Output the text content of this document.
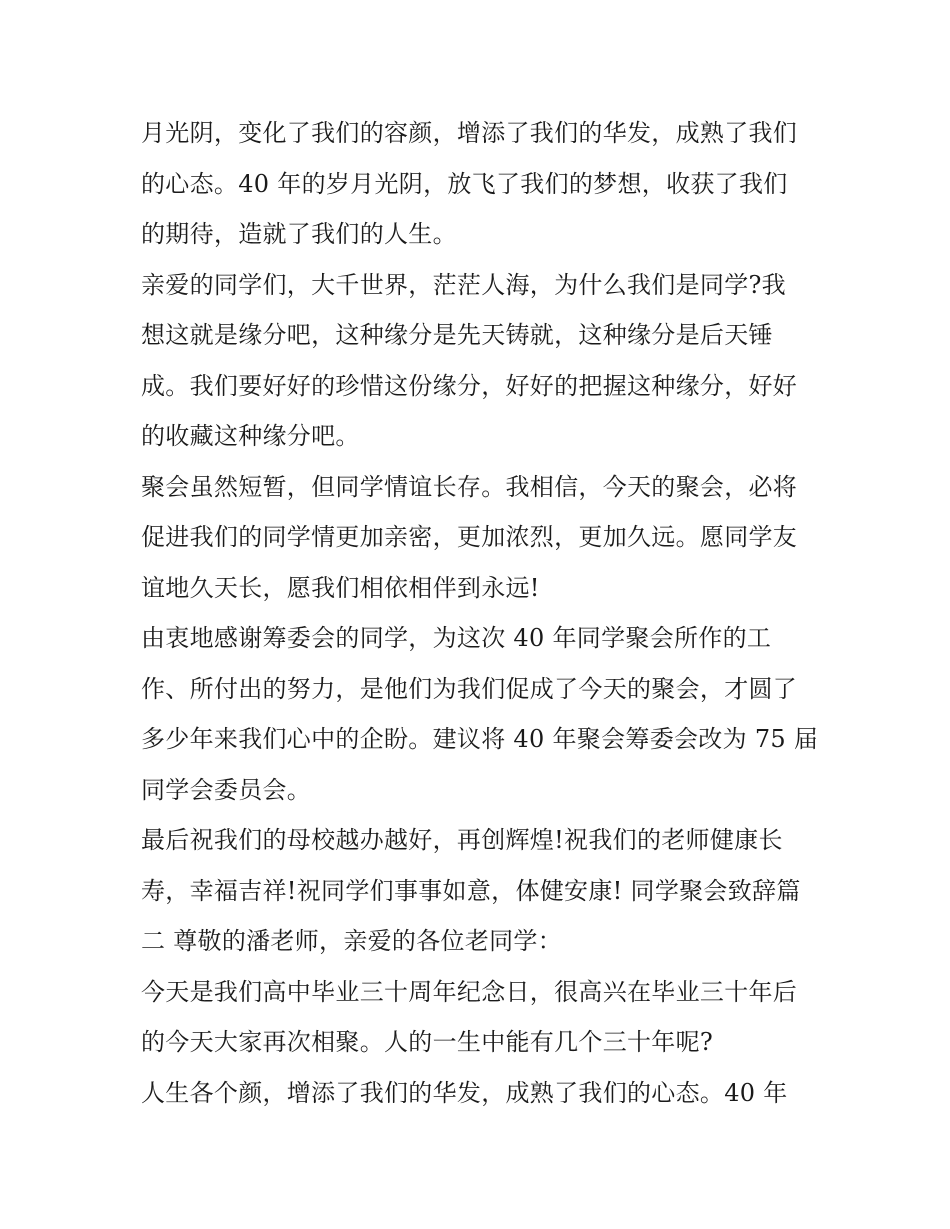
月光阴，变化了我们的容颜，增添了我们的华发，成熟了我们
的心态。40 年的岁月光阴，放飞了我们的梦想，收获了我们
的期待，造就了我们的人生。
亲爱的同学们，大千世界，茫茫人海，为什么我们是同学?我
想这就是缘分吧，这种缘分是先天铸就，这种缘分是后天锤
成。我们要好好的珍惜这份缘分，好好的把握这种缘分，好好
的收藏这种缘分吧。
聚会虽然短暂，但同学情谊长存。我相信，今天的聚会，必将
促进我们的同学情更加亲密，更加浓烈，更加久远。愿同学友
谊地久天长，愿我们相依相伴到永远!
由衷地感谢筹委会的同学，为这次 40 年同学聚会所作的工
作、所付出的努力，是他们为我们促成了今天的聚会，才圆了
多少年来我们心中的企盼。建议将 40 年聚会筹委会改为 75 届
同学会委员会。
最后祝我们的母校越办越好，再创辉煌!祝我们的老师健康长
寿，幸福吉祥!祝同学们事事如意，体健安康! 同学聚会致辞篇
二 尊敬的潘老师，亲爱的各位老同学：
今天是我们高中毕业三十周年纪念日，很高兴在毕业三十年后
的今天大家再次相聚。人的一生中能有几个三十年呢?
人生各个颜，增添了我们的华发，成熟了我们的心态。40 年
